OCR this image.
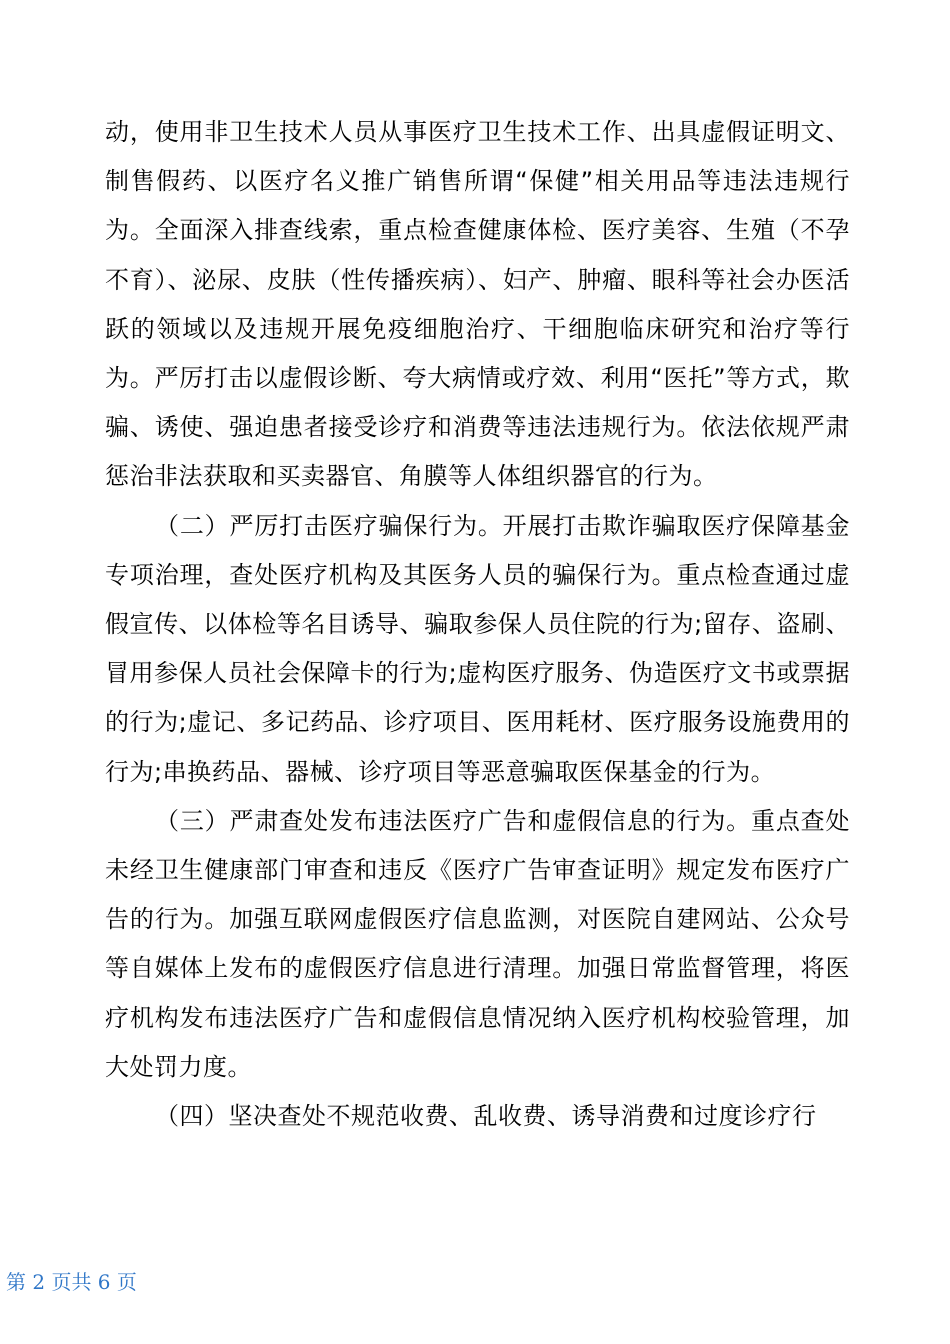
动，使用非卫生技术人员从事医疗卫生技术工作、出具虚假证明文、制售假药、以医疗名义推广销售所谓“保健”相关用品等违法违规行为。全面深入排查线索，重点检查健康体检、医疗美容、生殖（不孕不育）、泌尿、皮肤（性传播疾病）、妇产、肿瘤、眼科等社会办医活跃的领域以及违规开展免疫细胞治疗、干细胞临床研究和治疗等行为。严厉打击以虚假诊断、夸大病情或疗效、利用“医托”等方式，欺骗、诱使、强迫患者接受诊疗和消费等违法违规行为。依法依规严肃惩治非法获取和买卖器官、角膜等人体组织器官的行为。

（二）严厉打击医疗骗保行为。开展打击欺诈骗取医疗保障基金专项治理，查处医疗机构及其医务人员的骗保行为。重点检查通过虚假宣传、以体检等名目诱导、骗取参保人员住院的行为;留存、盗刷、冒用参保人员社会保障卡的行为;虚构医疗服务、伪造医疗文书或票据的行为;虚记、多记药品、诊疗项目、医用耗材、医疗服务设施费用的行为;串换药品、器械、诊疗项目等恶意骗取医保基金的行为。

（三）严肃查处发布违法医疗广告和虚假信息的行为。重点查处未经卫生健康部门审查和违反《医疗广告审查证明》规定发布医疗广告的行为。加强互联网虚假医疗信息监测，对医院自建网站、公众号等自媒体上发布的虚假医疗信息进行清理。加强日常监督管理，将医疗机构发布违法医疗广告和虚假信息情况纳入医疗机构校验管理，加大处罚力度。

（四）坚决查处不规范收费、乱收费、诱导消费和过度诊疗行

第 2 页共 6 页
